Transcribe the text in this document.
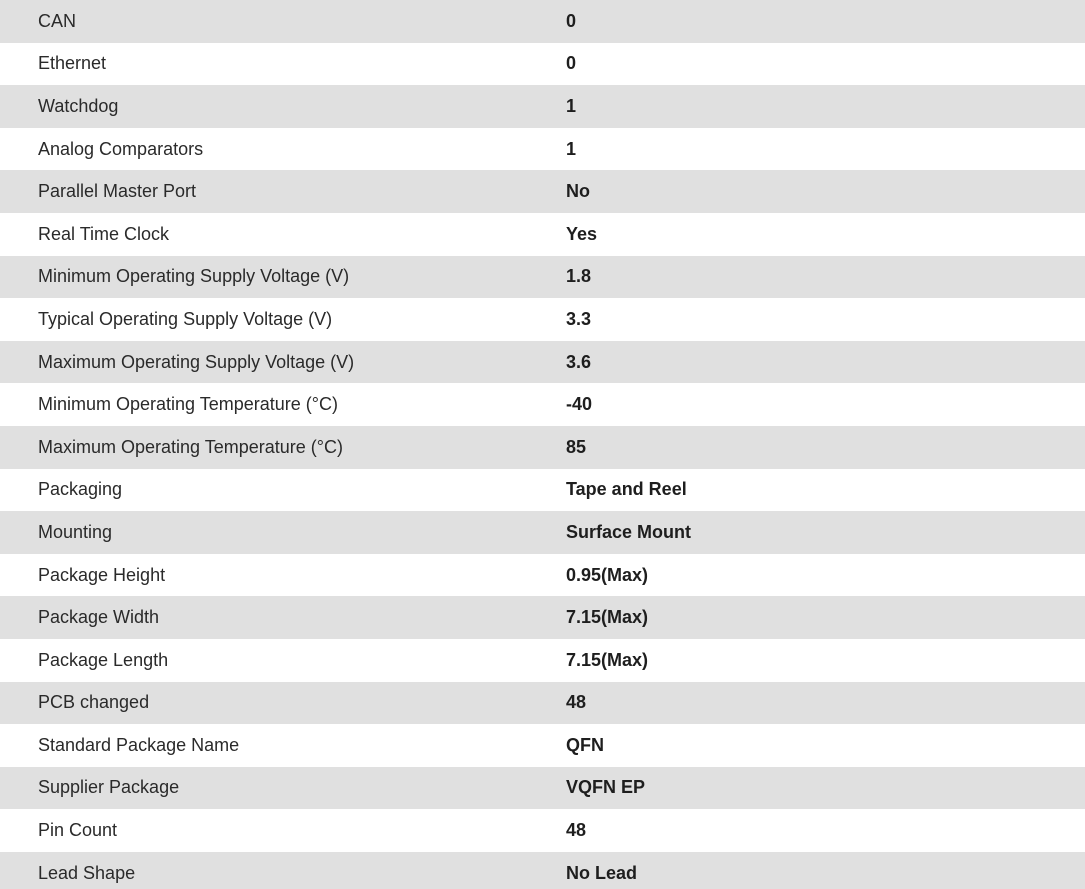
CAN	0
Ethernet	0
Watchdog	1
Analog Comparators	1
Parallel Master Port	No
Real Time Clock	Yes
Minimum Operating Supply Voltage (V)	1.8
Typical Operating Supply Voltage (V)	3.3
Maximum Operating Supply Voltage (V)	3.6
Minimum Operating Temperature (°C)	-40
Maximum Operating Temperature (°C)	85
Packaging	Tape and Reel
Mounting	Surface Mount
Package Height	0.95(Max)
Package Width	7.15(Max)
Package Length	7.15(Max)
PCB changed	48
Standard Package Name	QFN
Supplier Package	VQFN EP
Pin Count	48
Lead Shape	No Lead
